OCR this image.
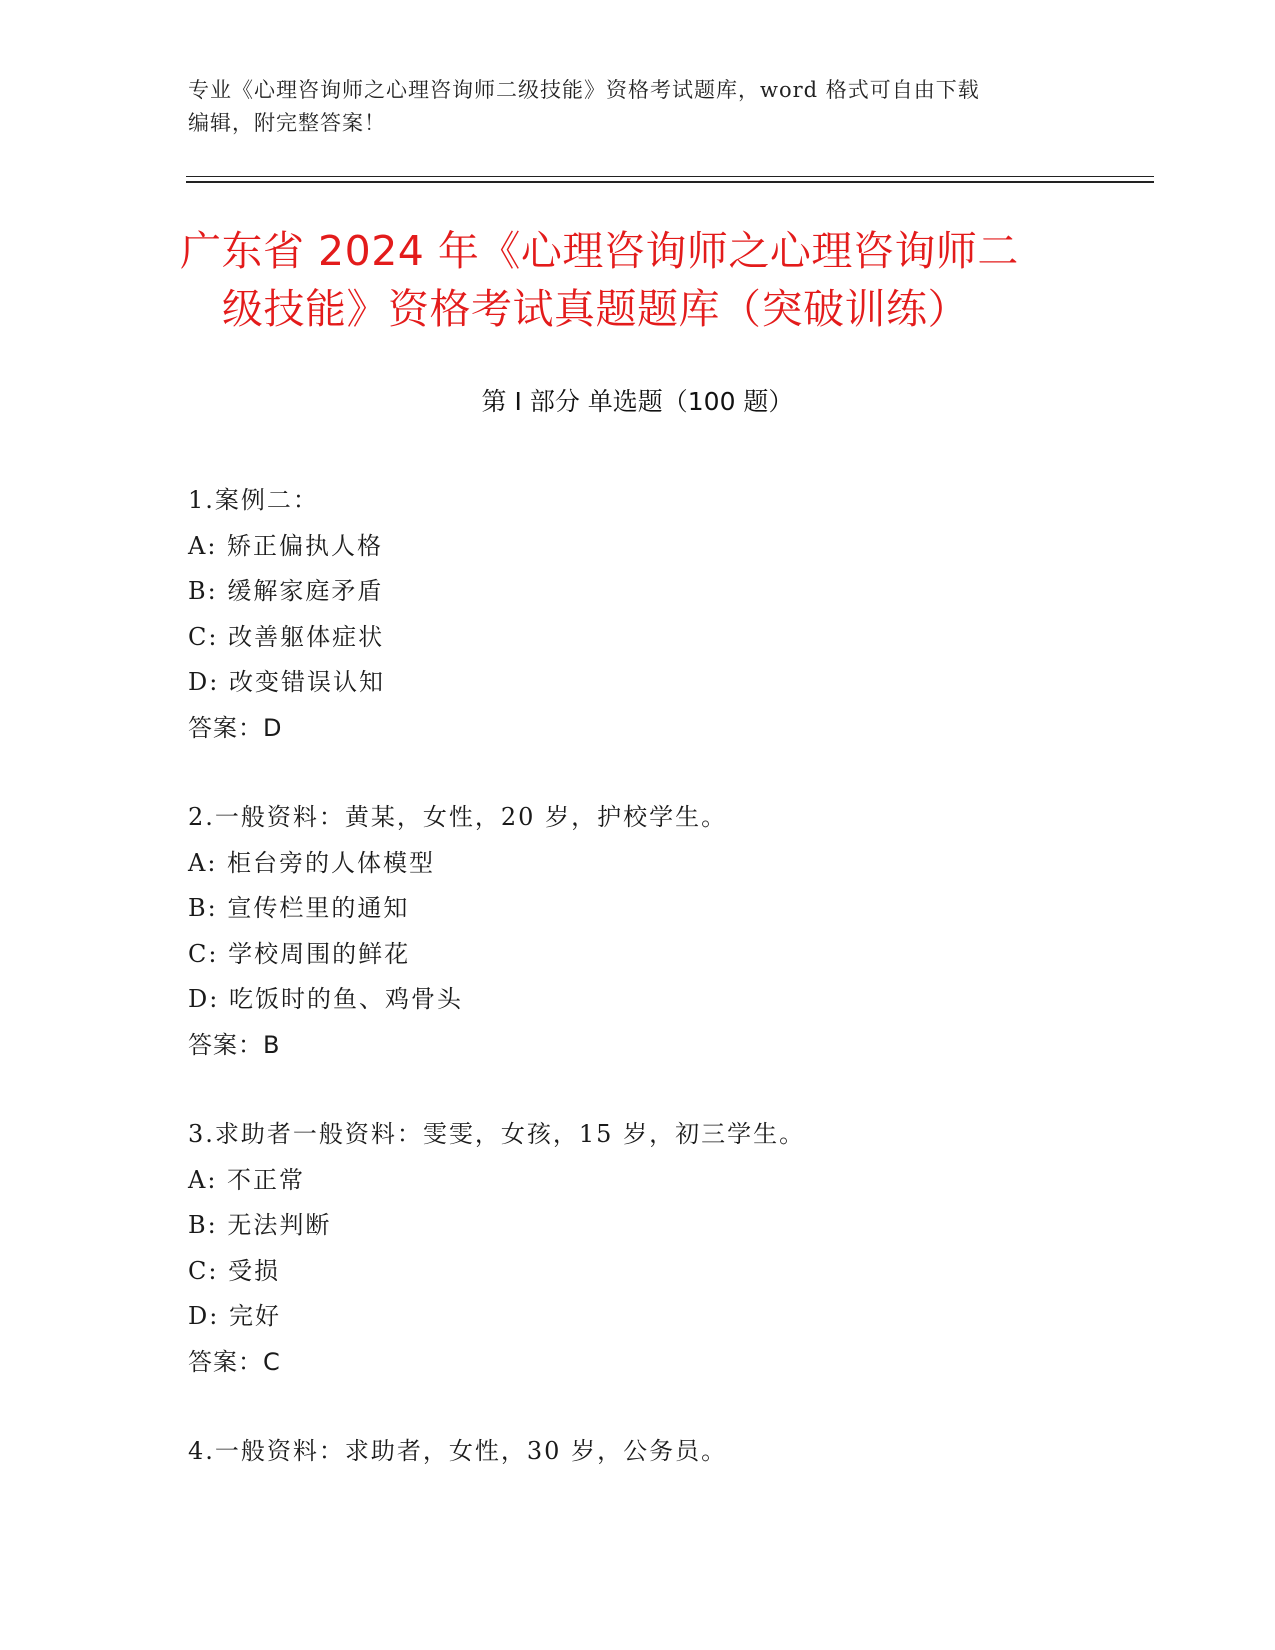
专业《心理咨询师之心理咨询师二级技能》资格考试题库，word 格式可自由下载
编辑，附完整答案！
广东省 2024 年《心理咨询师之心理咨询师二
级技能》资格考试真题题库（突破训练）
第 I 部分 单选题（100 题）
1.案例二：
A: 矫正偏执人格
B: 缓解家庭矛盾
C: 改善躯体症状
D: 改变错误认知
答案：D
2.一般资料：黄某，女性，20 岁，护校学生。
A: 柜台旁的人体模型
B: 宣传栏里的通知
C: 学校周围的鲜花
D: 吃饭时的鱼、鸡骨头
答案：B
3.求助者一般资料：雯雯，女孩，15 岁，初三学生。
A: 不正常
B: 无法判断
C: 受损
D: 完好
答案：C
4.一般资料：求助者，女性，30 岁，公务员。
